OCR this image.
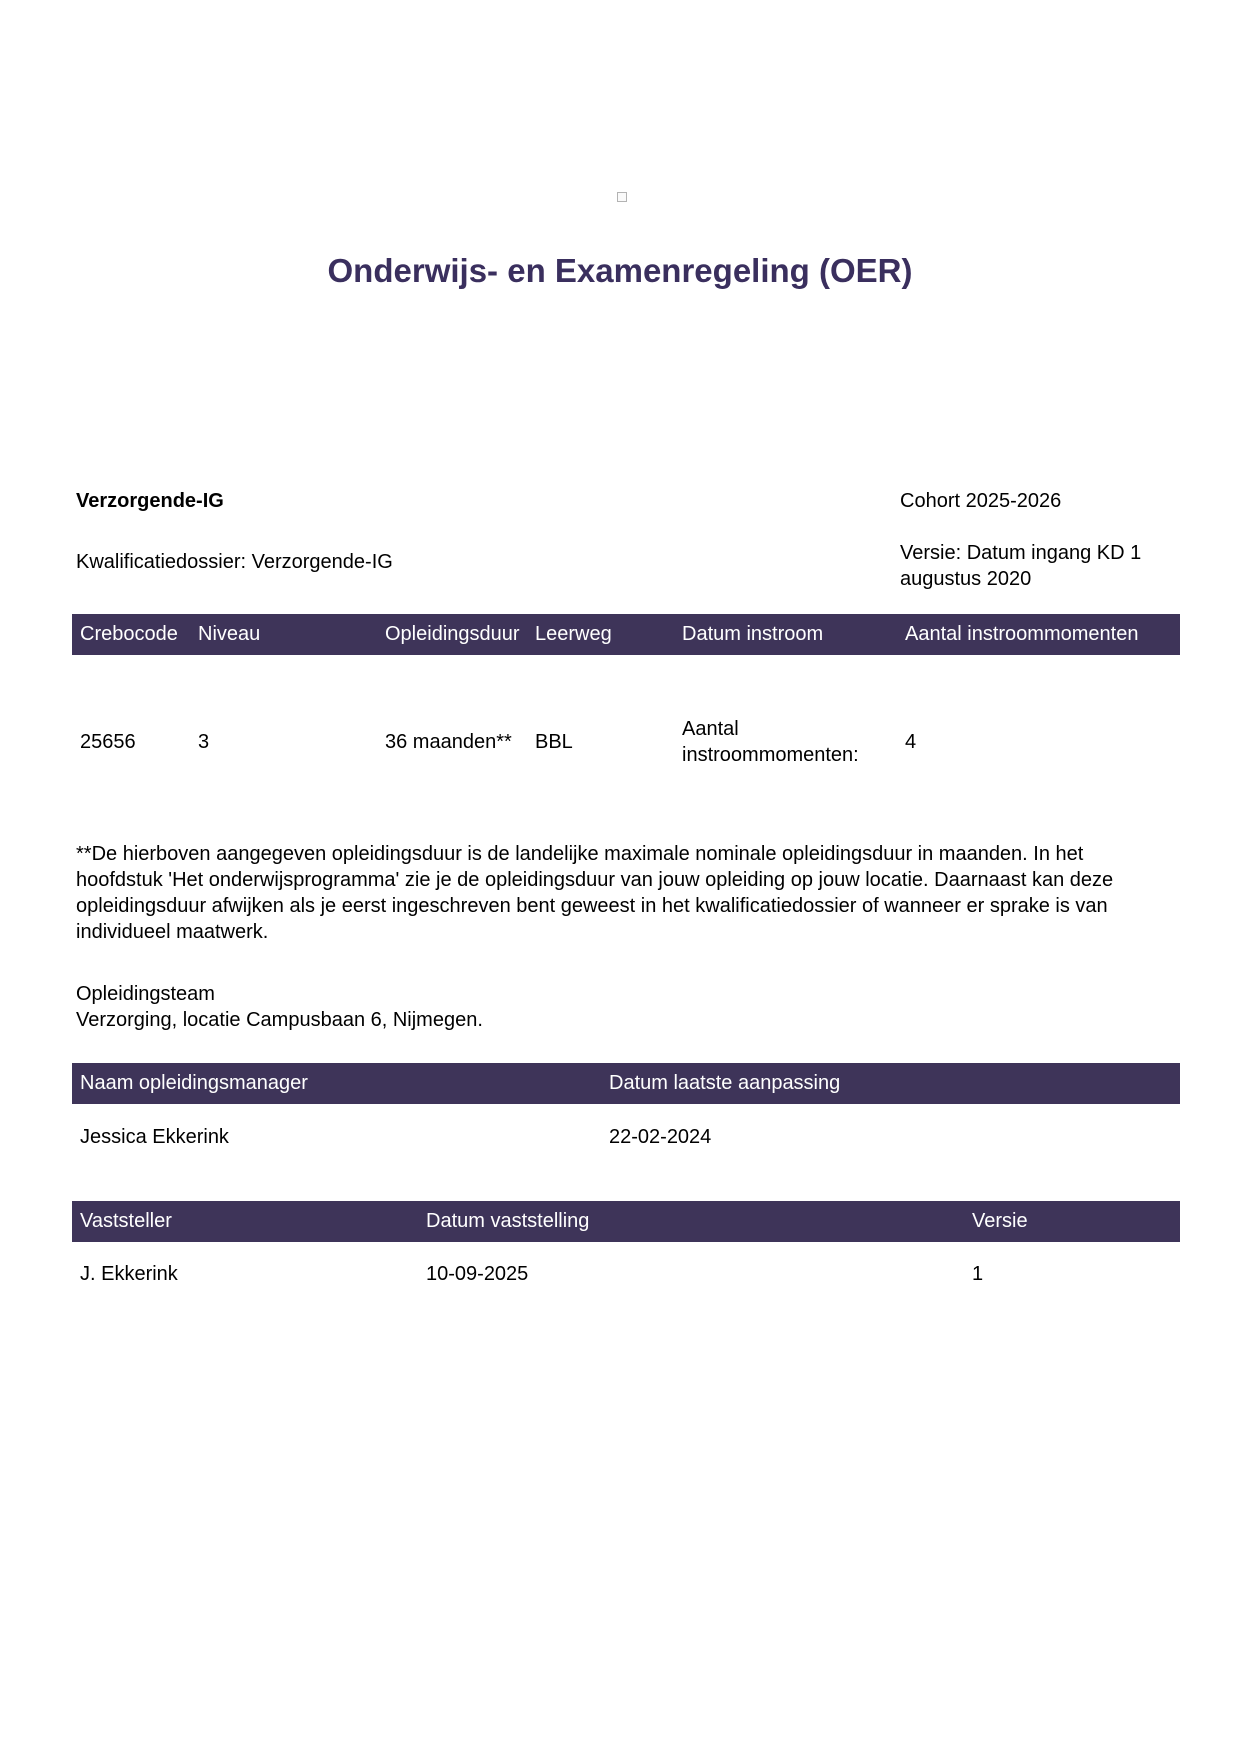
Onderwijs- en Examenregeling (OER)
Verzorgende-IG	Cohort 2025-2026
Kwalificatiedossier: Verzorgende-IG	Versie: Datum ingang KD 1 augustus 2020
Crebocode	Niveau	Opleidingsduur	Leerweg	Datum instroom	Aantal instroommomenten
25656	3	36 maanden**	BBL	Aantal instroommomenten:	4

**De hierboven aangegeven opleidingsduur is de landelijke maximale nominale opleidingsduur in maanden. In het hoofdstuk 'Het onderwijsprogramma' zie je de opleidingsduur van jouw opleiding op jouw locatie. Daarnaast kan deze opleidingsduur afwijken als je eerst ingeschreven bent geweest in het kwalificatiedossier of wanneer er sprake is van individueel maatwerk.

Opleidingsteam
Verzorging, locatie Campusbaan 6, Nijmegen.
Naam opleidingsmanager	Datum laatste aanpassing
Jessica Ekkerink	22-02-2024
Vaststeller	Datum vaststelling	Versie
J. Ekkerink	10-09-2025	1
